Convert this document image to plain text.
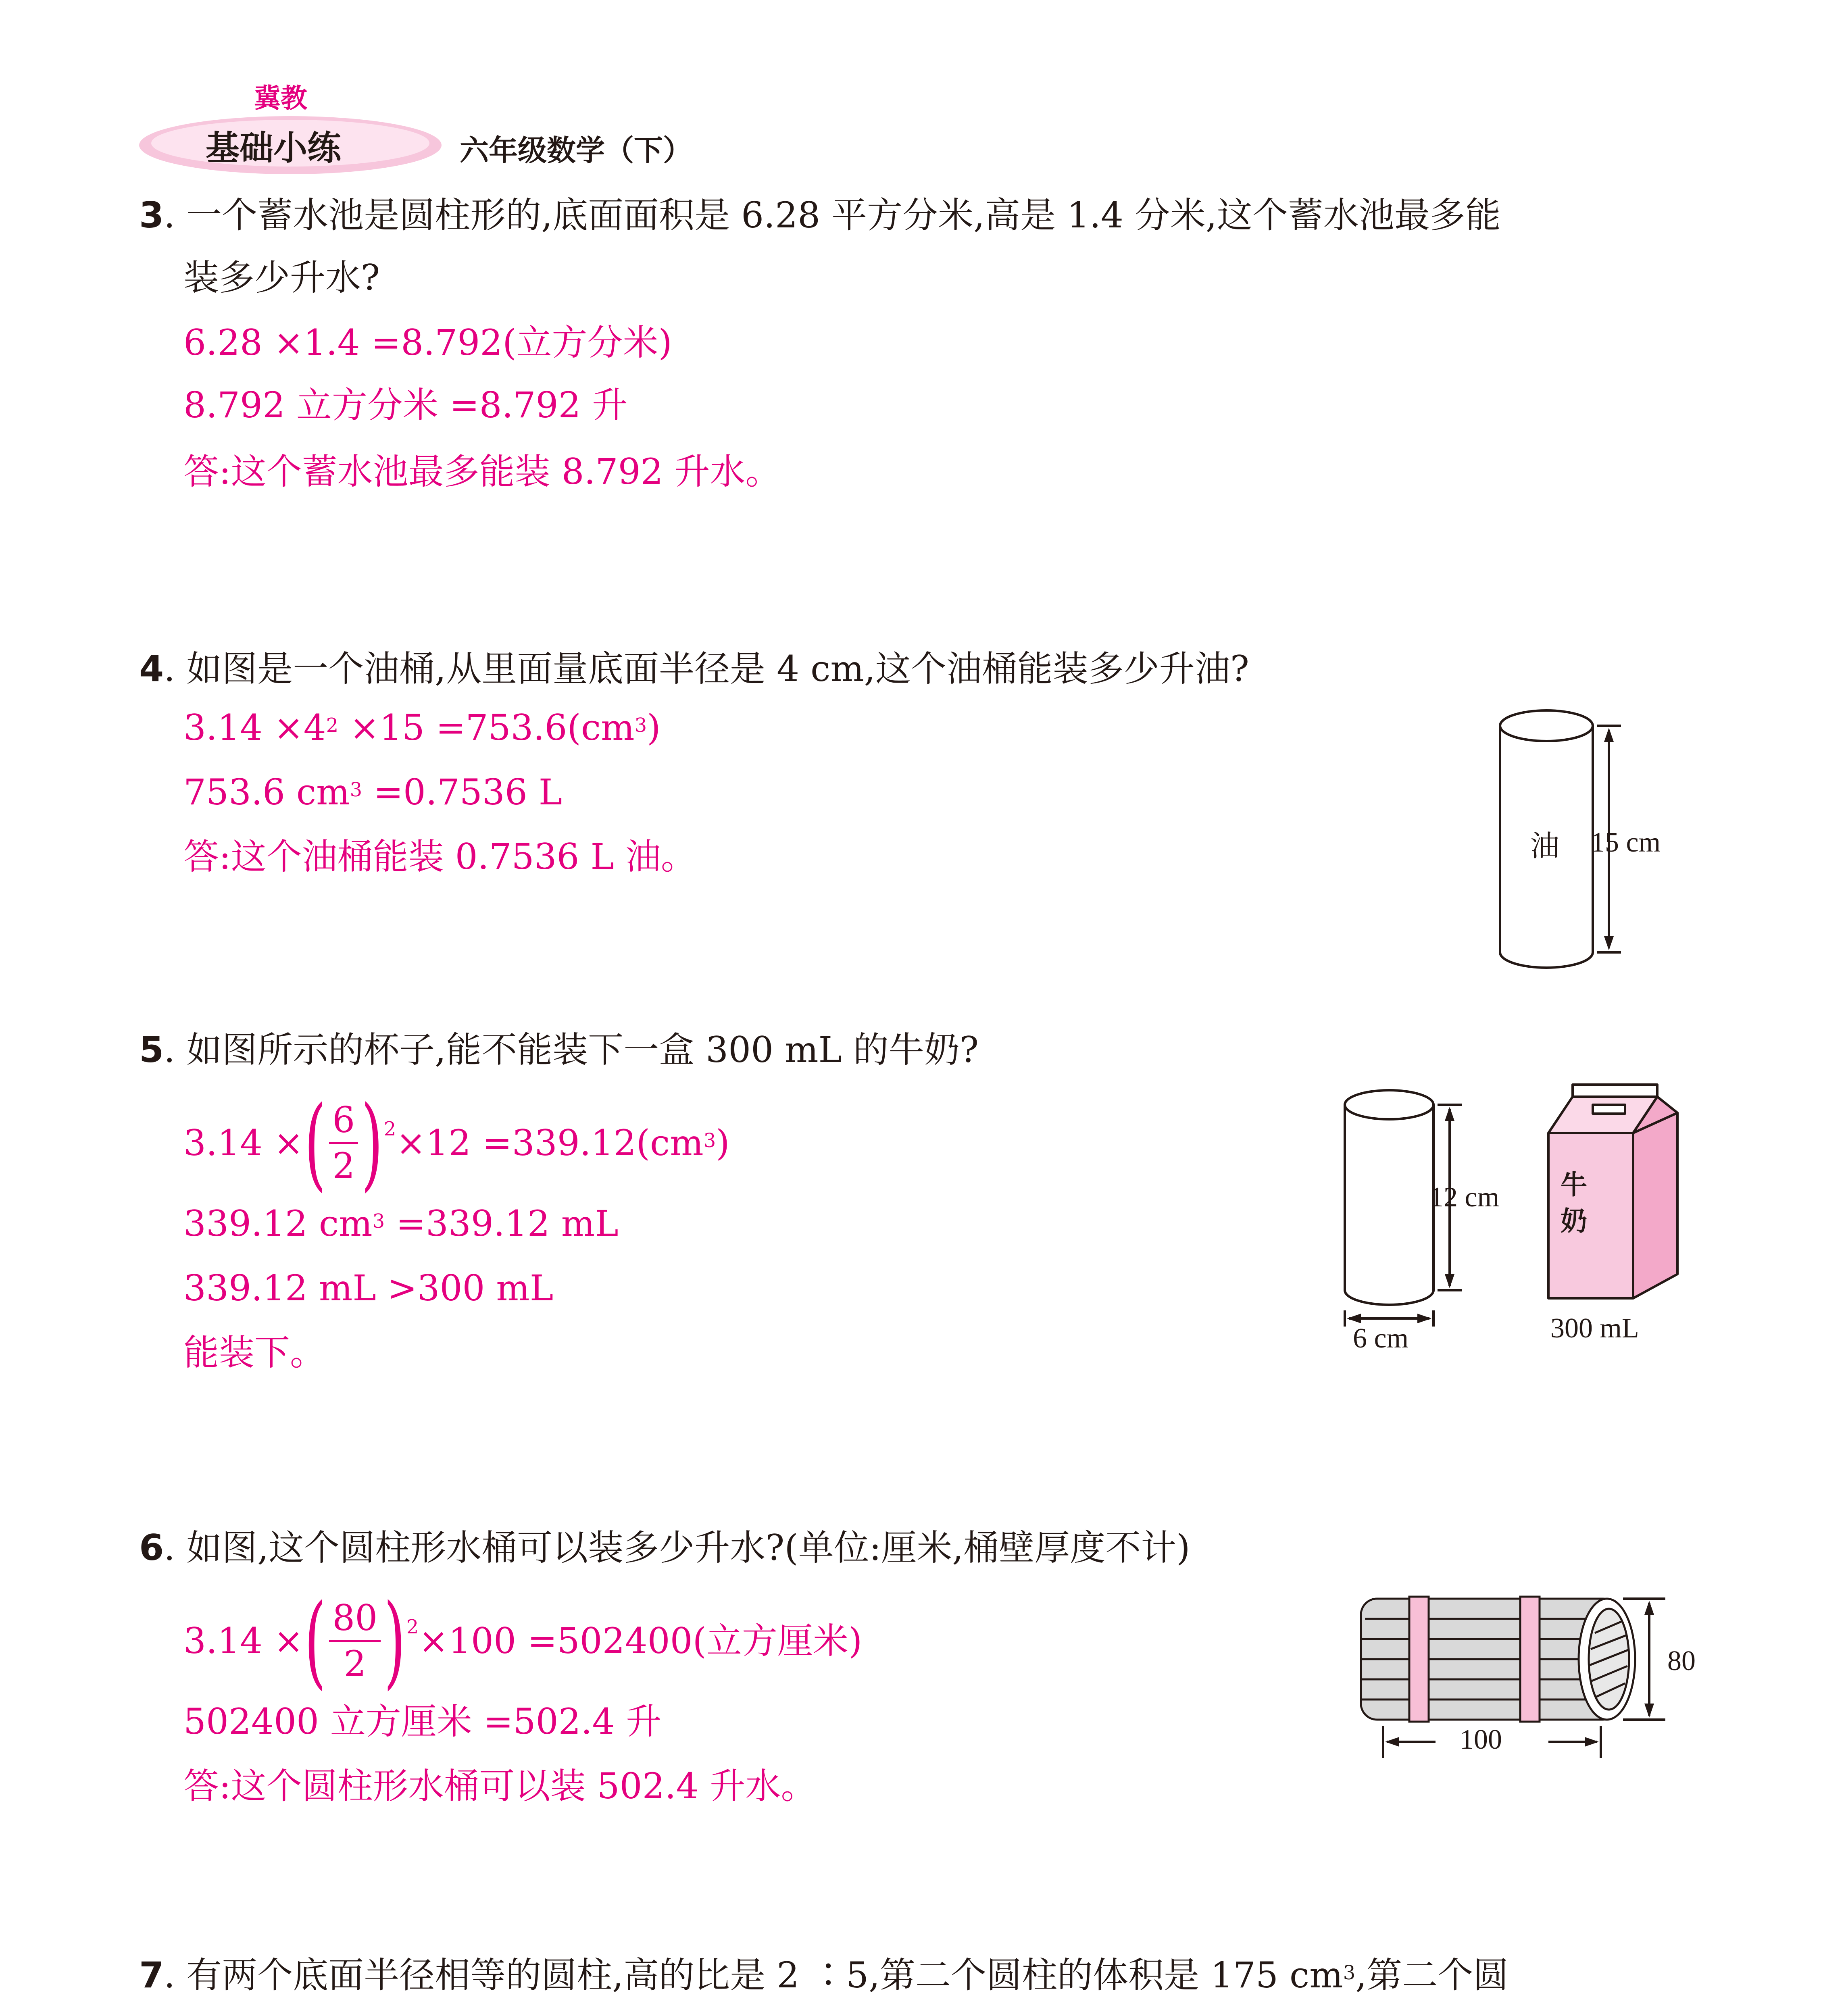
冀教
基础小练	六年级数学（下）
3. 一个蓄水池是圆柱形的,底面面积是 6.28 平方分米,高是 1.4 分米,这个蓄水池最多能
装多少升水?
6.28 ×1.4 =8.792(立方分米)
8.792 立方分米 =8.792 升
答:这个蓄水池最多能装 8.792 升水。
4. 如图是一个油桶,从里面量底面半径是 4 cm,这个油桶能装多少升油?
$3.14 \times 4^2 \times 15 =753.6(cm^3)$
753.6 $cm^3 =0.7536$ L
答:这个油桶能装 0.7536 L 油。	油 15 cm
5. 如图所示的杯子,能不能装下一盒 300 mL 的牛奶?
3.14 × ( $\frac{6}{2} )^2 \times 12 =339.12(cm^3$ )
339.12 $cm^3 =339.12$ mL
339.12 mL >300 mL
能装下。
12 cm
6 cm
牛
奶
300 mL
6. 如图,这个圆柱形水桶可以装多少升水?(单位:厘米,桶壁厚度不计)
3.14 × ( $\frac{80}{2} )^2 \times 100 =502400$(立方厘米)
502400 立方厘米 =502.4 升
答:这个圆柱形水桶可以装 502.4 升水。
80
100
7. 有两个底面半径相等的圆柱,高的比是 2 ∶5,第二个圆柱的体积是 175 $cm^3$,第二个圆
